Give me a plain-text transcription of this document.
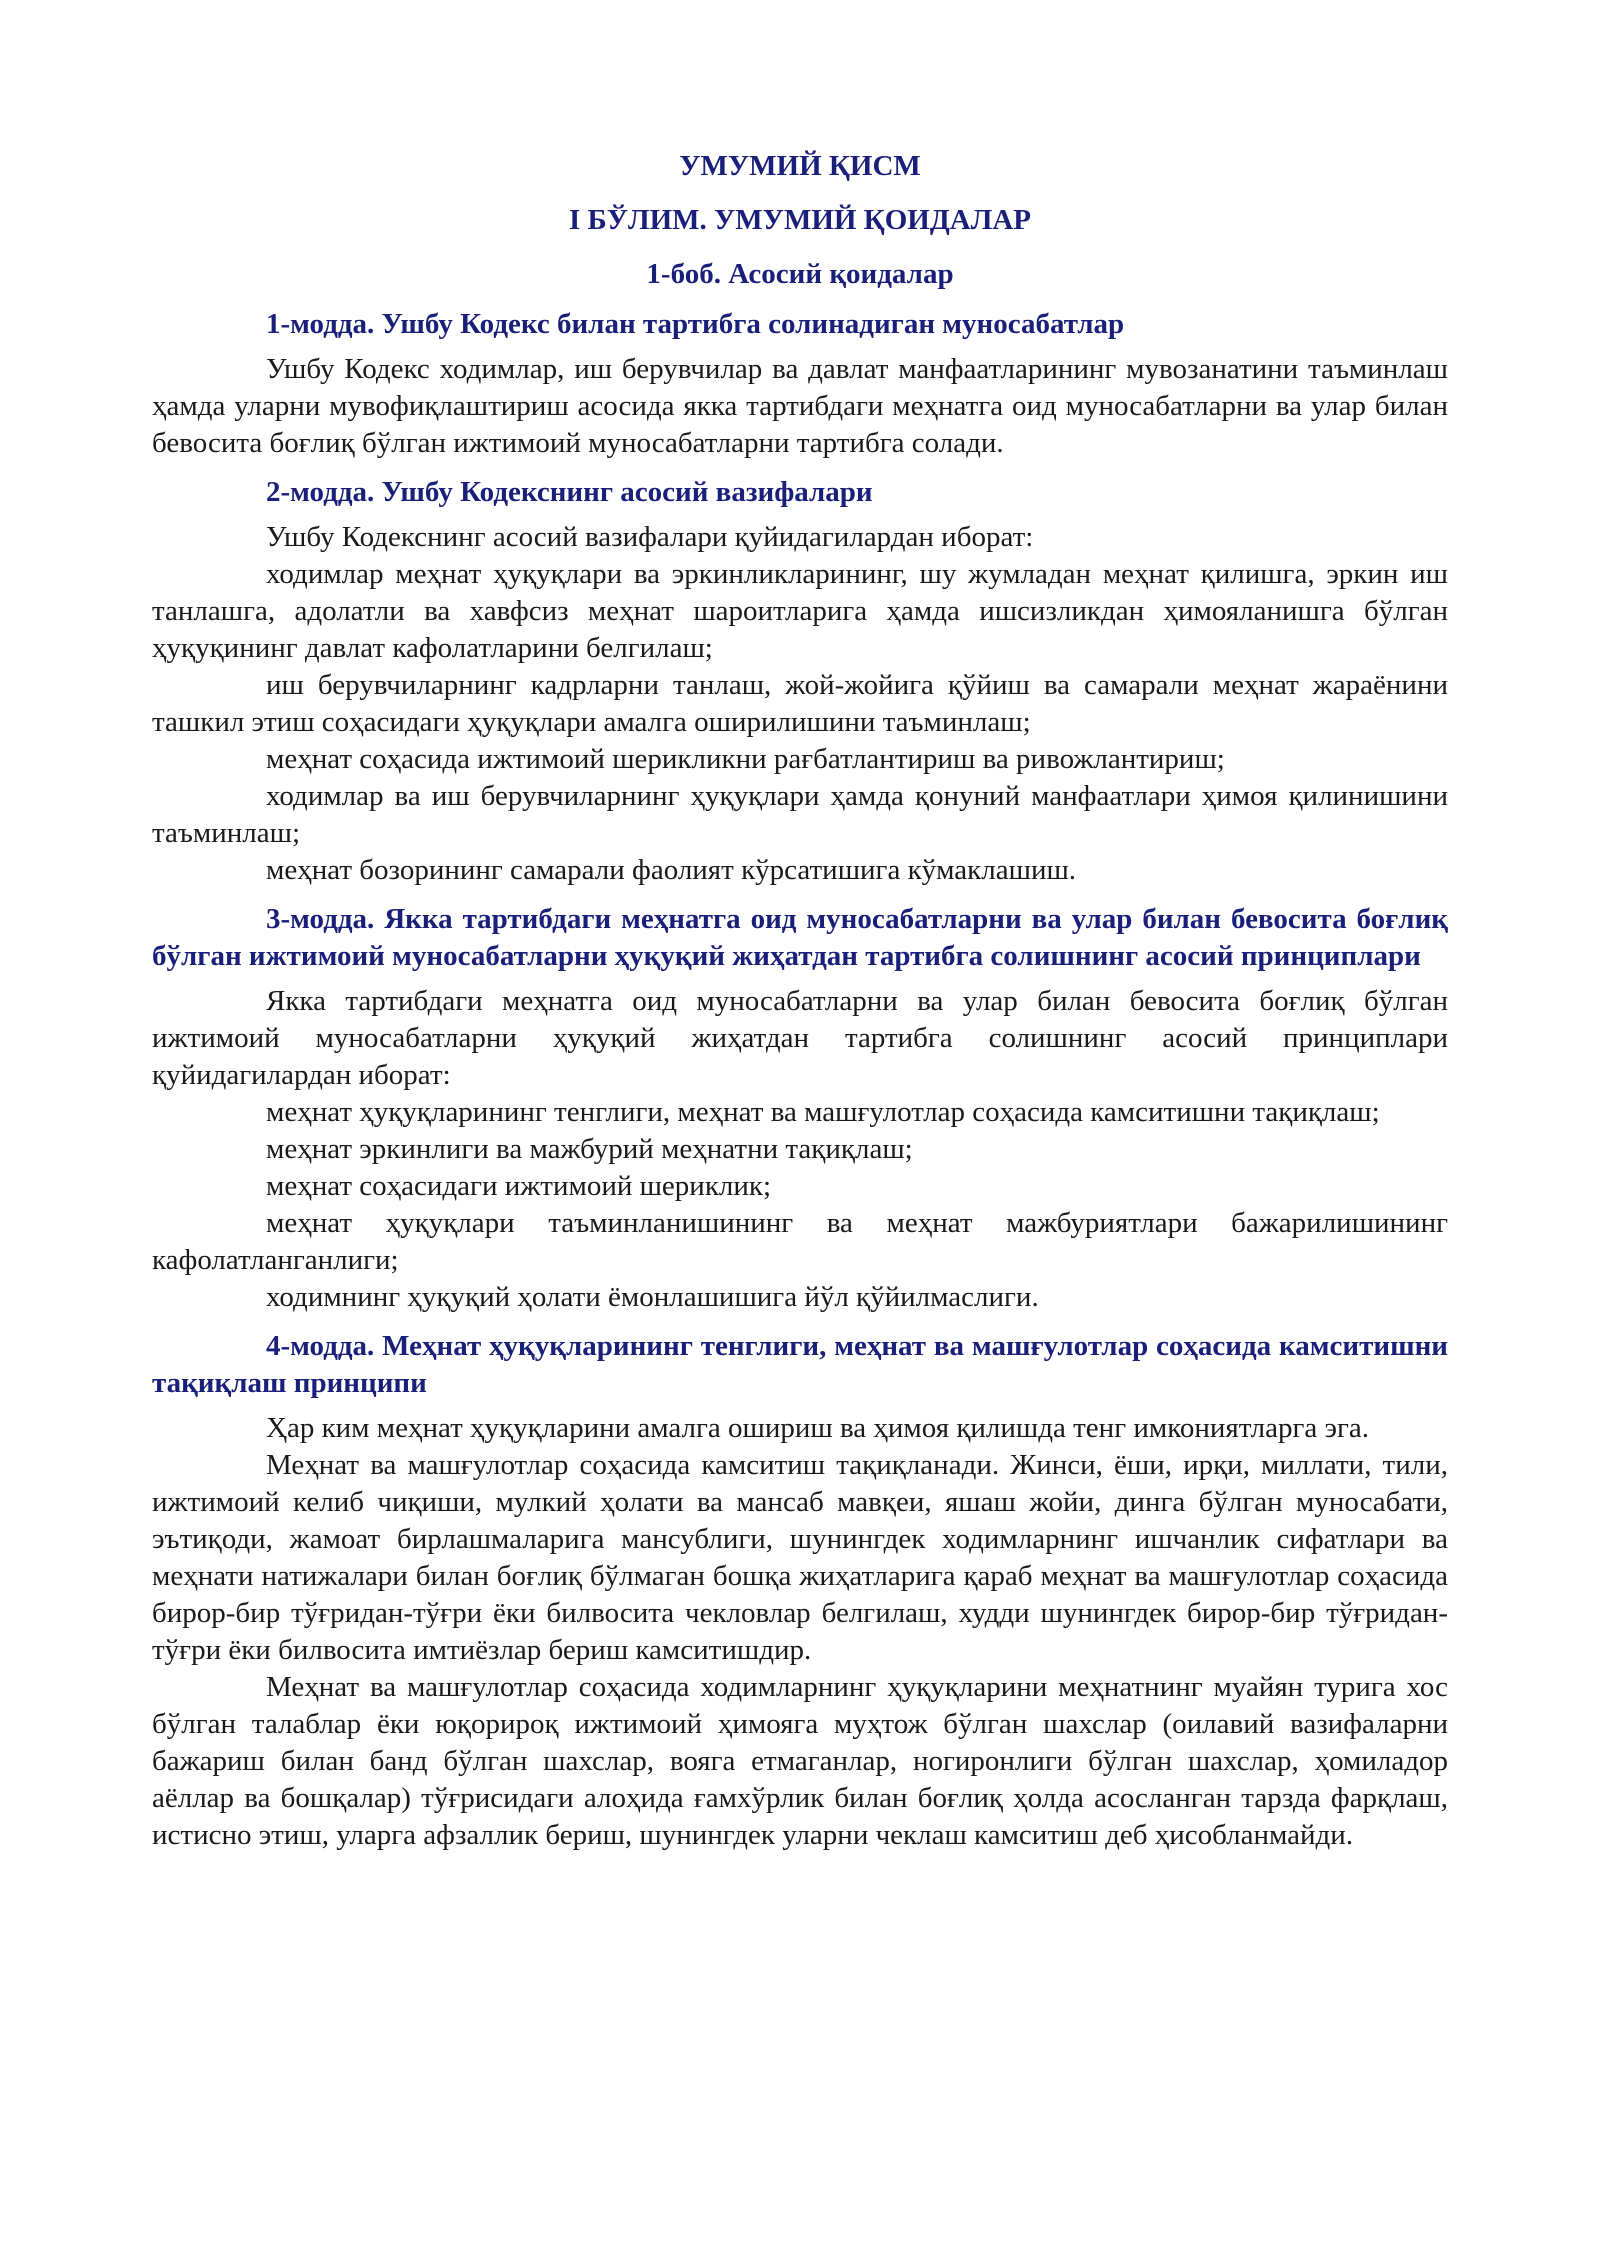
УМУМИЙ ҚИСМ
I БЎЛИМ. УМУМИЙ ҚОИДАЛАР
1-боб. Асосий қоидалар
1-модда. Ушбу Кодекс билан тартибга солинадиган муносабатлар

Ушбу Кодекс ходимлар, иш берувчилар ва давлат манфаатларининг мувозанатини таъминлаш ҳамда уларни мувофиқлаштириш асосида якка тартибдаги меҳнатга оид муносабатларни ва улар билан бевосита боғлиқ бўлган ижтимоий муносабатларни тартибга солади.

2-модда. Ушбу Кодекснинг асосий вазифалари

Ушбу Кодекснинг асосий вазифалари қуйидагилардан иборат:

ходимлар меҳнат ҳуқуқлари ва эркинликларининг, шу жумладан меҳнат қилишга, эркин иш танлашга, адолатли ва хавфсиз меҳнат шароитларига ҳамда ишсизликдан ҳимояланишга бўлган ҳуқуқининг давлат кафолатларини белгилаш;

иш берувчиларнинг кадрларни танлаш, жой-жойига қўйиш ва самарали меҳнат жараёнини ташкил этиш соҳасидаги ҳуқуқлари амалга оширилишини таъминлаш;

меҳнат соҳасида ижтимоий шерикликни рағбатлантириш ва ривожлантириш;

ходимлар ва иш берувчиларнинг ҳуқуқлари ҳамда қонуний манфаатлари ҳимоя қилинишини таъминлаш;

меҳнат бозорининг самарали фаолият кўрсатишига кўмаклашиш.

3-модда. Якка тартибдаги меҳнатга оид муносабатларни ва улар билан бевосита боғлиқ бўлган ижтимоий муносабатларни ҳуқуқий жиҳатдан тартибга солишнинг асосий принциплари

Якка тартибдаги меҳнатга оид муносабатларни ва улар билан бевосита боғлиқ бўлган ижтимоий муносабатларни ҳуқуқий жиҳатдан тартибга солишнинг асосий принциплари қуйидагилардан иборат:

меҳнат ҳуқуқларининг тенглиги, меҳнат ва машғулотлар соҳасида камситишни тақиқлаш;

меҳнат эркинлиги ва мажбурий меҳнатни тақиқлаш;

меҳнат соҳасидаги ижтимоий шериклик;

меҳнат ҳуқуқлари таъминланишининг ва меҳнат мажбуриятлари бажарилишининг кафолатланганлиги;

ходимнинг ҳуқуқий ҳолати ёмонлашишига йўл қўйилмаслиги.

4-модда. Меҳнат ҳуқуқларининг тенглиги, меҳнат ва машғулотлар соҳасида камситишни тақиқлаш принципи

Ҳар ким меҳнат ҳуқуқларини амалга ошириш ва ҳимоя қилишда тенг имкониятларга эга.

Меҳнат ва машғулотлар соҳасида камситиш тақиқланади. Жинси, ёши, ирқи, миллати, тили, ижтимоий келиб чиқиши, мулкий ҳолати ва мансаб мавқеи, яшаш жойи, динга бўлган муносабати, эътиқоди, жамоат бирлашмаларига мансублиги, шунингдек ходимларнинг ишчанлик сифатлари ва меҳнати натижалари билан боғлиқ бўлмаган бошқа жиҳатларига қараб меҳнат ва машғулотлар соҳасида бирор-бир тўғридан-тўғри ёки билвосита чекловлар белгилаш, худди шунингдек бирор-бир тўғридан-тўғри ёки билвосита имтиёзлар бериш камситишдир.

Меҳнат ва машғулотлар соҳасида ходимларнинг ҳуқуқларини меҳнатнинг муайян турига хос бўлган талаблар ёки юқорироқ ижтимоий ҳимояга муҳтож бўлган шахслар (оилавий вазифаларни бажариш билан банд бўлган шахслар, вояга етмаганлар, ногиронлиги бўлган шахслар, ҳомиладор аёллар ва бошқалар) тўғрисидаги алоҳида ғамхўрлик билан боғлиқ ҳолда асосланган тарзда фарқлаш, истисно этиш, уларга афзаллик бериш, шунингдек уларни чеклаш камситиш деб ҳисобланмайди.
